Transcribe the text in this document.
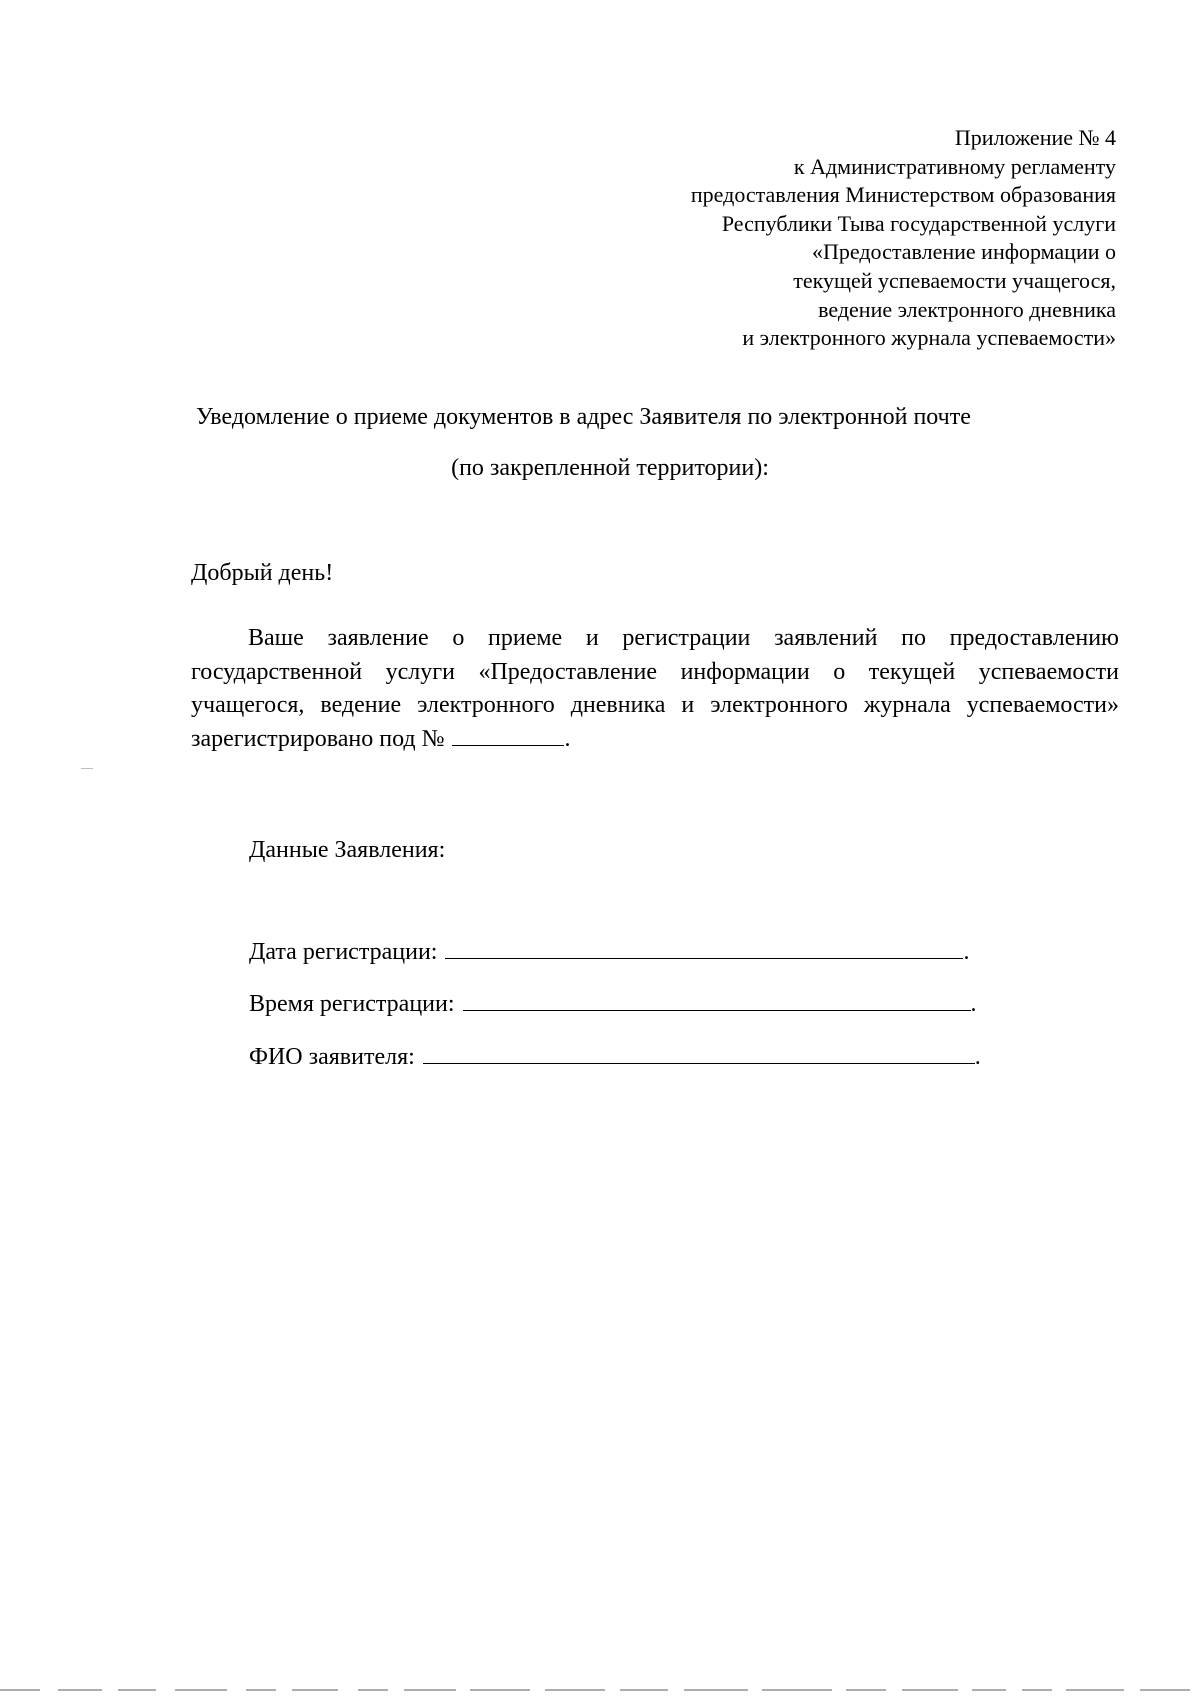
Приложение № 4
к Административному регламенту
предоставления Министерством образования
Республики Тыва государственной услуги
«Предоставление информации о
текущей успеваемости учащегося,
ведение электронного дневника
и электронного журнала успеваемости»
Уведомление о приеме документов в адрес Заявителя по электронной почте
(по закрепленной территории):
Добрый день!
Ваше заявление о приеме и регистрации заявлений по предоставлению государственной услуги «Предоставление информации о текущей успеваемости учащегося, ведение электронного дневника и электронного журнала успеваемости» зарегистрировано под №	.
Данные Заявления:
Дата регистрации:	.
Время регистрации:	.
ФИО заявителя:	.
